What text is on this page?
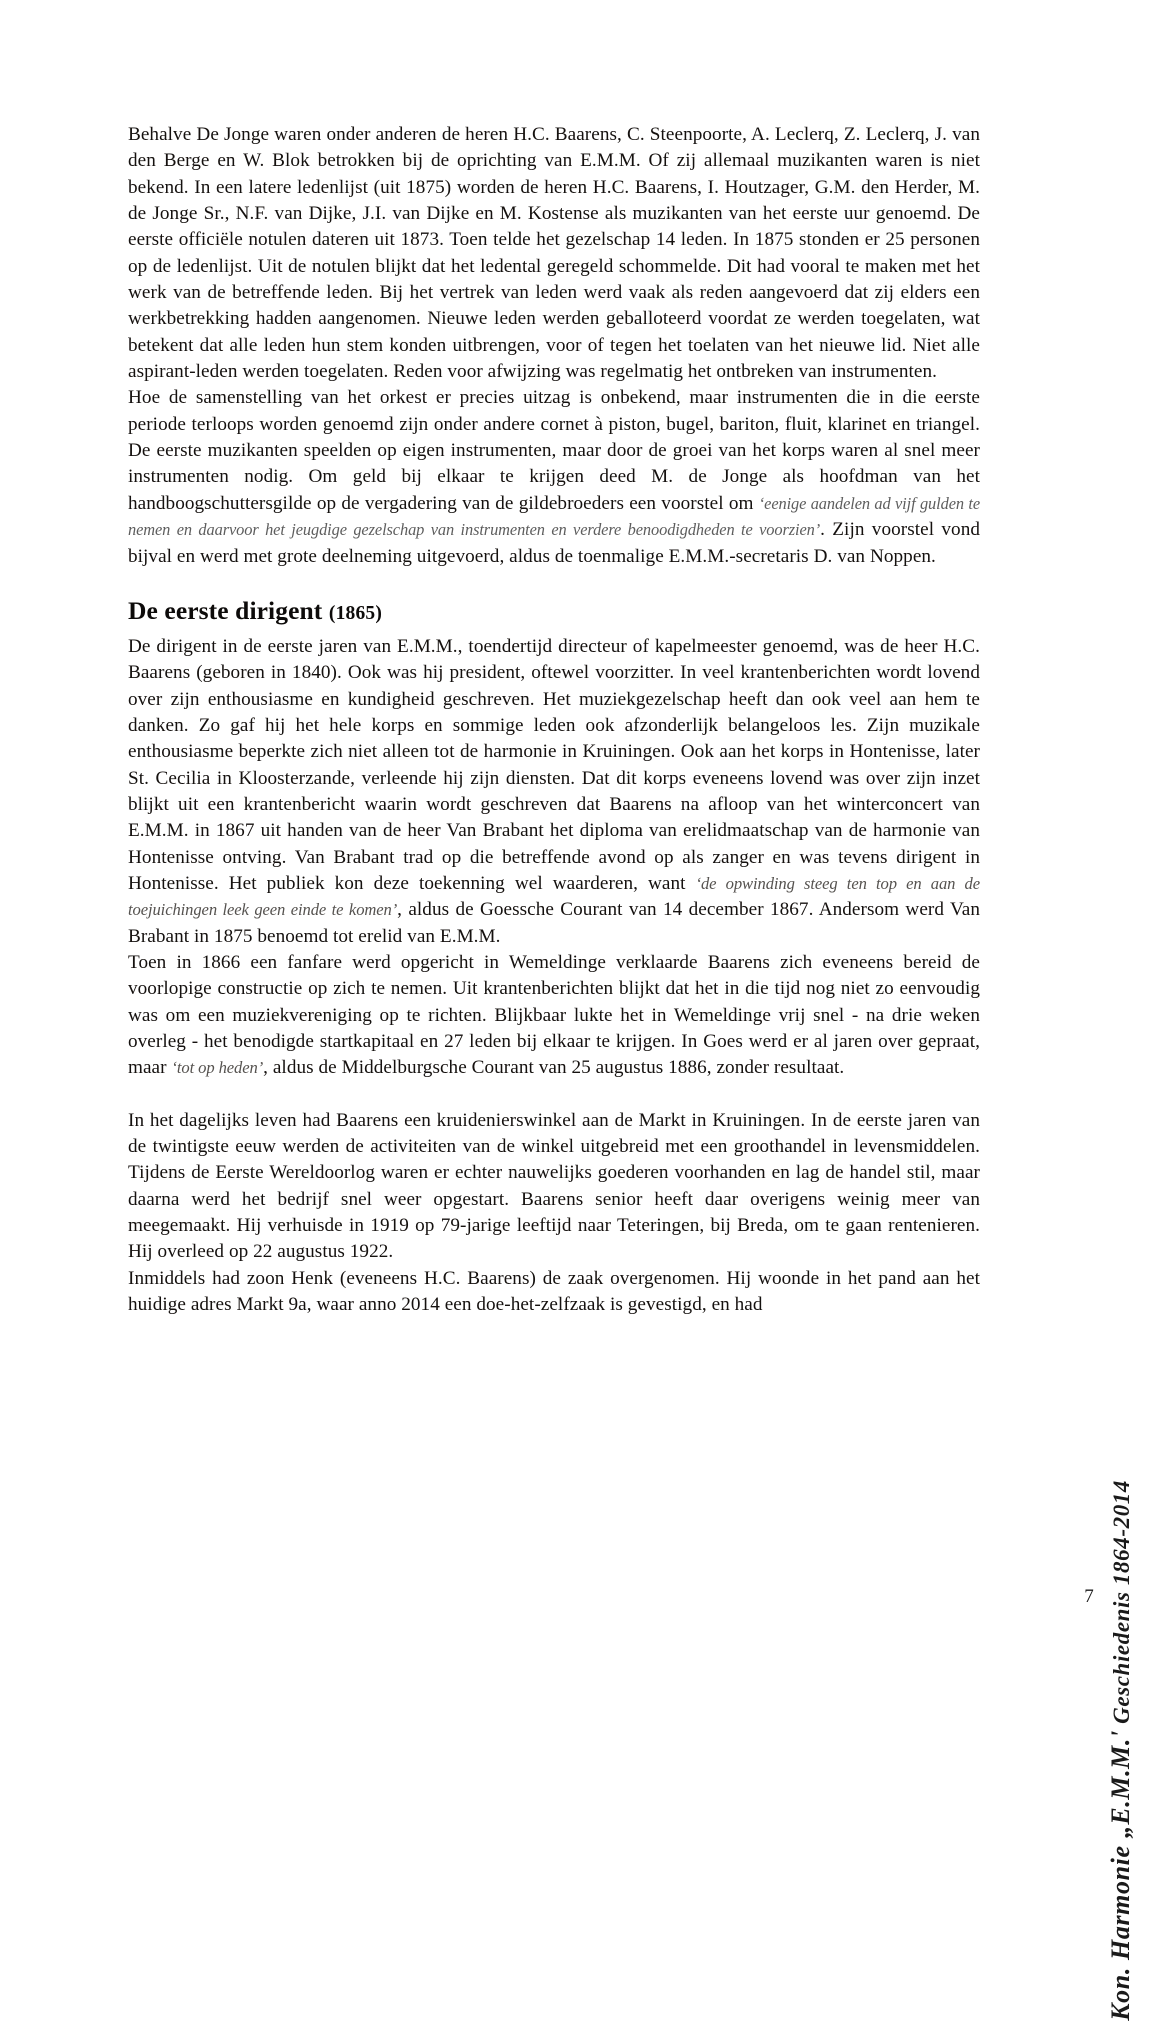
Behalve De Jonge waren onder anderen de heren H.C. Baarens, C. Steenpoorte, A. Leclerq, Z. Leclerq, J. van den Berge en W. Blok betrokken bij de oprichting van E.M.M. Of zij allemaal muzikanten waren is niet bekend. In een latere ledenlijst (uit 1875) worden de heren H.C. Baarens, I. Houtzager, G.M. den Herder, M. de Jonge Sr., N.F. van Dijke, J.I. van Dijke en M. Kostense als muzikanten van het eerste uur genoemd. De eerste officiële notulen dateren uit 1873. Toen telde het gezelschap 14 leden. In 1875 stonden er 25 personen op de ledenlijst. Uit de notulen blijkt dat het ledental geregeld schommelde. Dit had vooral te maken met het werk van de betreffende leden. Bij het vertrek van leden werd vaak als reden aangevoerd dat zij elders een werkbetrekking hadden aangenomen. Nieuwe leden werden geballoteerd voordat ze werden toegelaten, wat betekent dat alle leden hun stem konden uitbrengen, voor of tegen het toelaten van het nieuwe lid. Niet alle aspirant-leden werden toegelaten. Reden voor afwijzing was regelmatig het ontbreken van instrumenten.

Hoe de samenstelling van het orkest er precies uitzag is onbekend, maar instrumenten die in die eerste periode terloops worden genoemd zijn onder andere cornet à piston, bugel, bariton, fluit, klarinet en triangel. De eerste muzikanten speelden op eigen instrumenten, maar door de groei van het korps waren al snel meer instrumenten nodig. Om geld bij elkaar te krijgen deed M. de Jonge als hoofdman van het handboogschuttersgilde op de vergadering van de gildebroeders een voorstel om ‘eenige aandelen ad vijf gulden te nemen en daarvoor het jeugdige gezelschap van instrumenten en verdere benoodigdheden te voorzien’. Zijn voorstel vond bijval en werd met grote deelneming uitgevoerd, aldus de toenmalige E.M.M.-secretaris D. van Noppen.

De eerste dirigent (1865)

De dirigent in de eerste jaren van E.M.M., toendertijd directeur of kapelmeester genoemd, was de heer H.C. Baarens (geboren in 1840). Ook was hij president, oftewel voorzitter. In veel krantenberichten wordt lovend over zijn enthousiasme en kundigheid geschreven. Het muziekgezelschap heeft dan ook veel aan hem te danken. Zo gaf hij het hele korps en sommige leden ook afzonderlijk belangeloos les. Zijn muzikale enthousiasme beperkte zich niet alleen tot de harmonie in Kruiningen. Ook aan het korps in Hontenisse, later St. Cecilia in Kloosterzande, verleende hij zijn diensten. Dat dit korps eveneens lovend was over zijn inzet blijkt uit een krantenbericht waarin wordt geschreven dat Baarens na afloop van het winterconcert van E.M.M. in 1867 uit handen van de heer Van Brabant het diploma van erelidmaatschap van de harmonie van Hontenisse ontving. Van Brabant trad op die betreffende avond op als zanger en was tevens dirigent in Hontenisse. Het publiek kon deze toekenning wel waarderen, want ‘de opwinding steeg ten top en aan de toejuichingen leek geen einde te komen’, aldus de Goessche Courant van 14 december 1867. Andersom werd Van Brabant in 1875 benoemd tot erelid van E.M.M.

Toen in 1866 een fanfare werd opgericht in Wemeldinge verklaarde Baarens zich eveneens bereid de voorlopige constructie op zich te nemen. Uit krantenberichten blijkt dat het in die tijd nog niet zo eenvoudig was om een muziekvereniging op te richten. Blijkbaar lukte het in Wemeldinge vrij snel - na drie weken overleg - het benodigde startkapitaal en 27 leden bij elkaar te krijgen. In Goes werd er al jaren over gepraat, maar ‘tot op heden’, aldus de Middelburgsche Courant van 25 augustus 1886, zonder resultaat.

In het dagelijks leven had Baarens een kruidenierswinkel aan de Markt in Kruiningen. In de eerste jaren van de twintigste eeuw werden de activiteiten van de winkel uitgebreid met een groothandel in levensmiddelen. Tijdens de Eerste Wereldoorlog waren er echter nauwelijks goederen voorhanden en lag de handel stil, maar daarna werd het bedrijf snel weer opgestart. Baarens senior heeft daar overigens weinig meer van meegemaakt. Hij verhuisde in 1919 op 79-jarige leeftijd naar Teteringen, bij Breda, om te gaan rentenieren. Hij overleed op 22 augustus 1922.

Inmiddels had zoon Henk (eveneens H.C. Baarens) de zaak overgenomen. Hij woonde in het pand aan het huidige adres Markt 9a, waar anno 2014 een doe-het-zelfzaak is gevestigd, en had

Kon. Harmonie „E.M.M.' Geschiedenis 1864-2014
7
